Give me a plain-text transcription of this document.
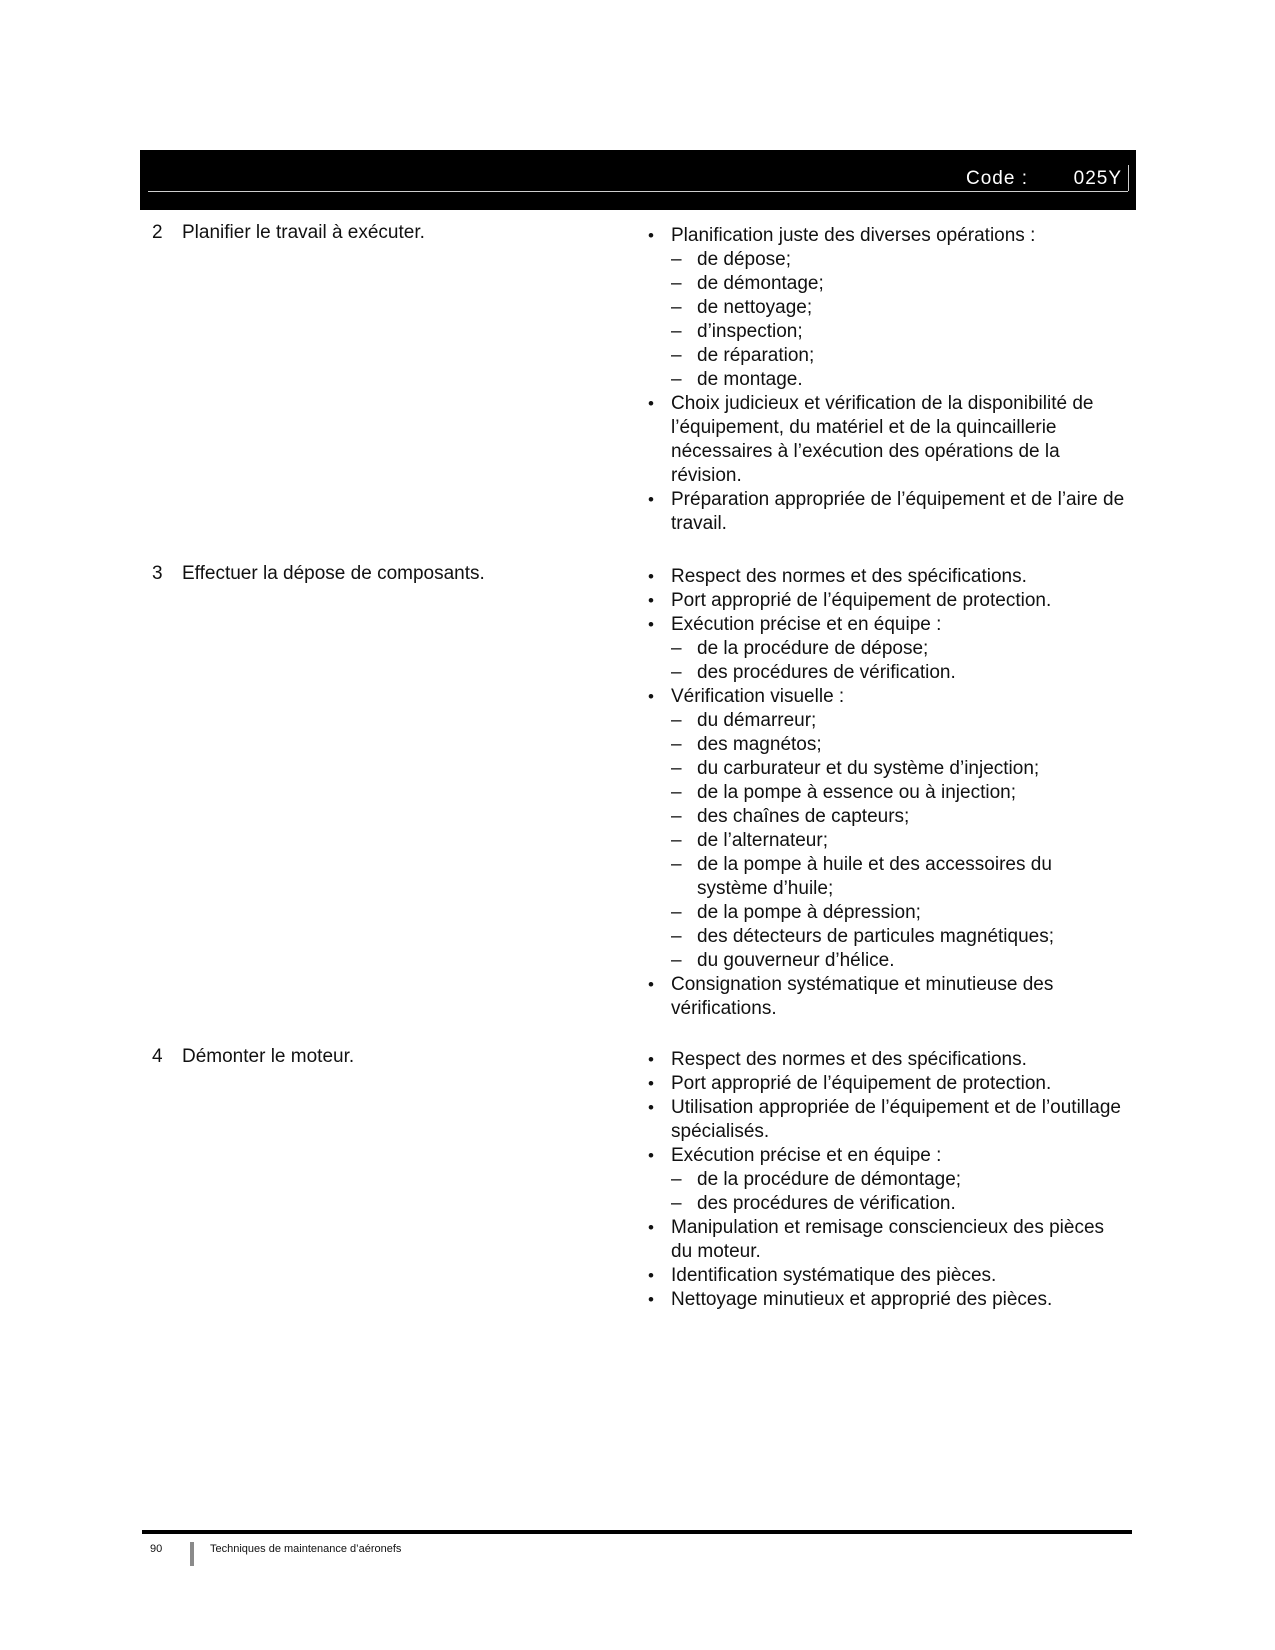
Code :	025Y
2 Planifier le travail à exécuter.	• Planification juste des diverses opérations :
– de dépose;
– de démontage;
– de nettoyage;
– d’inspection;
– de réparation;
– de montage.
• Choix judicieux et vérification de la disponibilité de l’équipement, du matériel et de la quincaillerie nécessaires à l’exécution des opérations de la révision.
• Préparation appropriée de l’équipement et de l’aire de travail.
3 Effectuer la dépose de composants.	• Respect des normes et des spécifications.
• Port approprié de l’équipement de protection.
• Exécution précise et en équipe :
– de la procédure de dépose;
– des procédures de vérification.
• Vérification visuelle :
– du démarreur;
– des magnétos;
– du carburateur et du système d’injection;
– de la pompe à essence ou à injection;
– des chaînes de capteurs;
– de l’alternateur;
– de la pompe à huile et des accessoires du système d’huile;
– de la pompe à dépression;
– des détecteurs de particules magnétiques;
– du gouverneur d’hélice.
• Consignation systématique et minutieuse des vérifications.
4 Démonter le moteur.	• Respect des normes et des spécifications.
• Port approprié de l’équipement de protection.
• Utilisation appropriée de l’équipement et de l’outillage spécialisés.
• Exécution précise et en équipe :
– de la procédure de démontage;
– des procédures de vérification.
• Manipulation et remisage consciencieux des pièces du moteur.
• Identification systématique des pièces.
• Nettoyage minutieux et approprié des pièces.
90	Techniques de maintenance d’aéronefs
